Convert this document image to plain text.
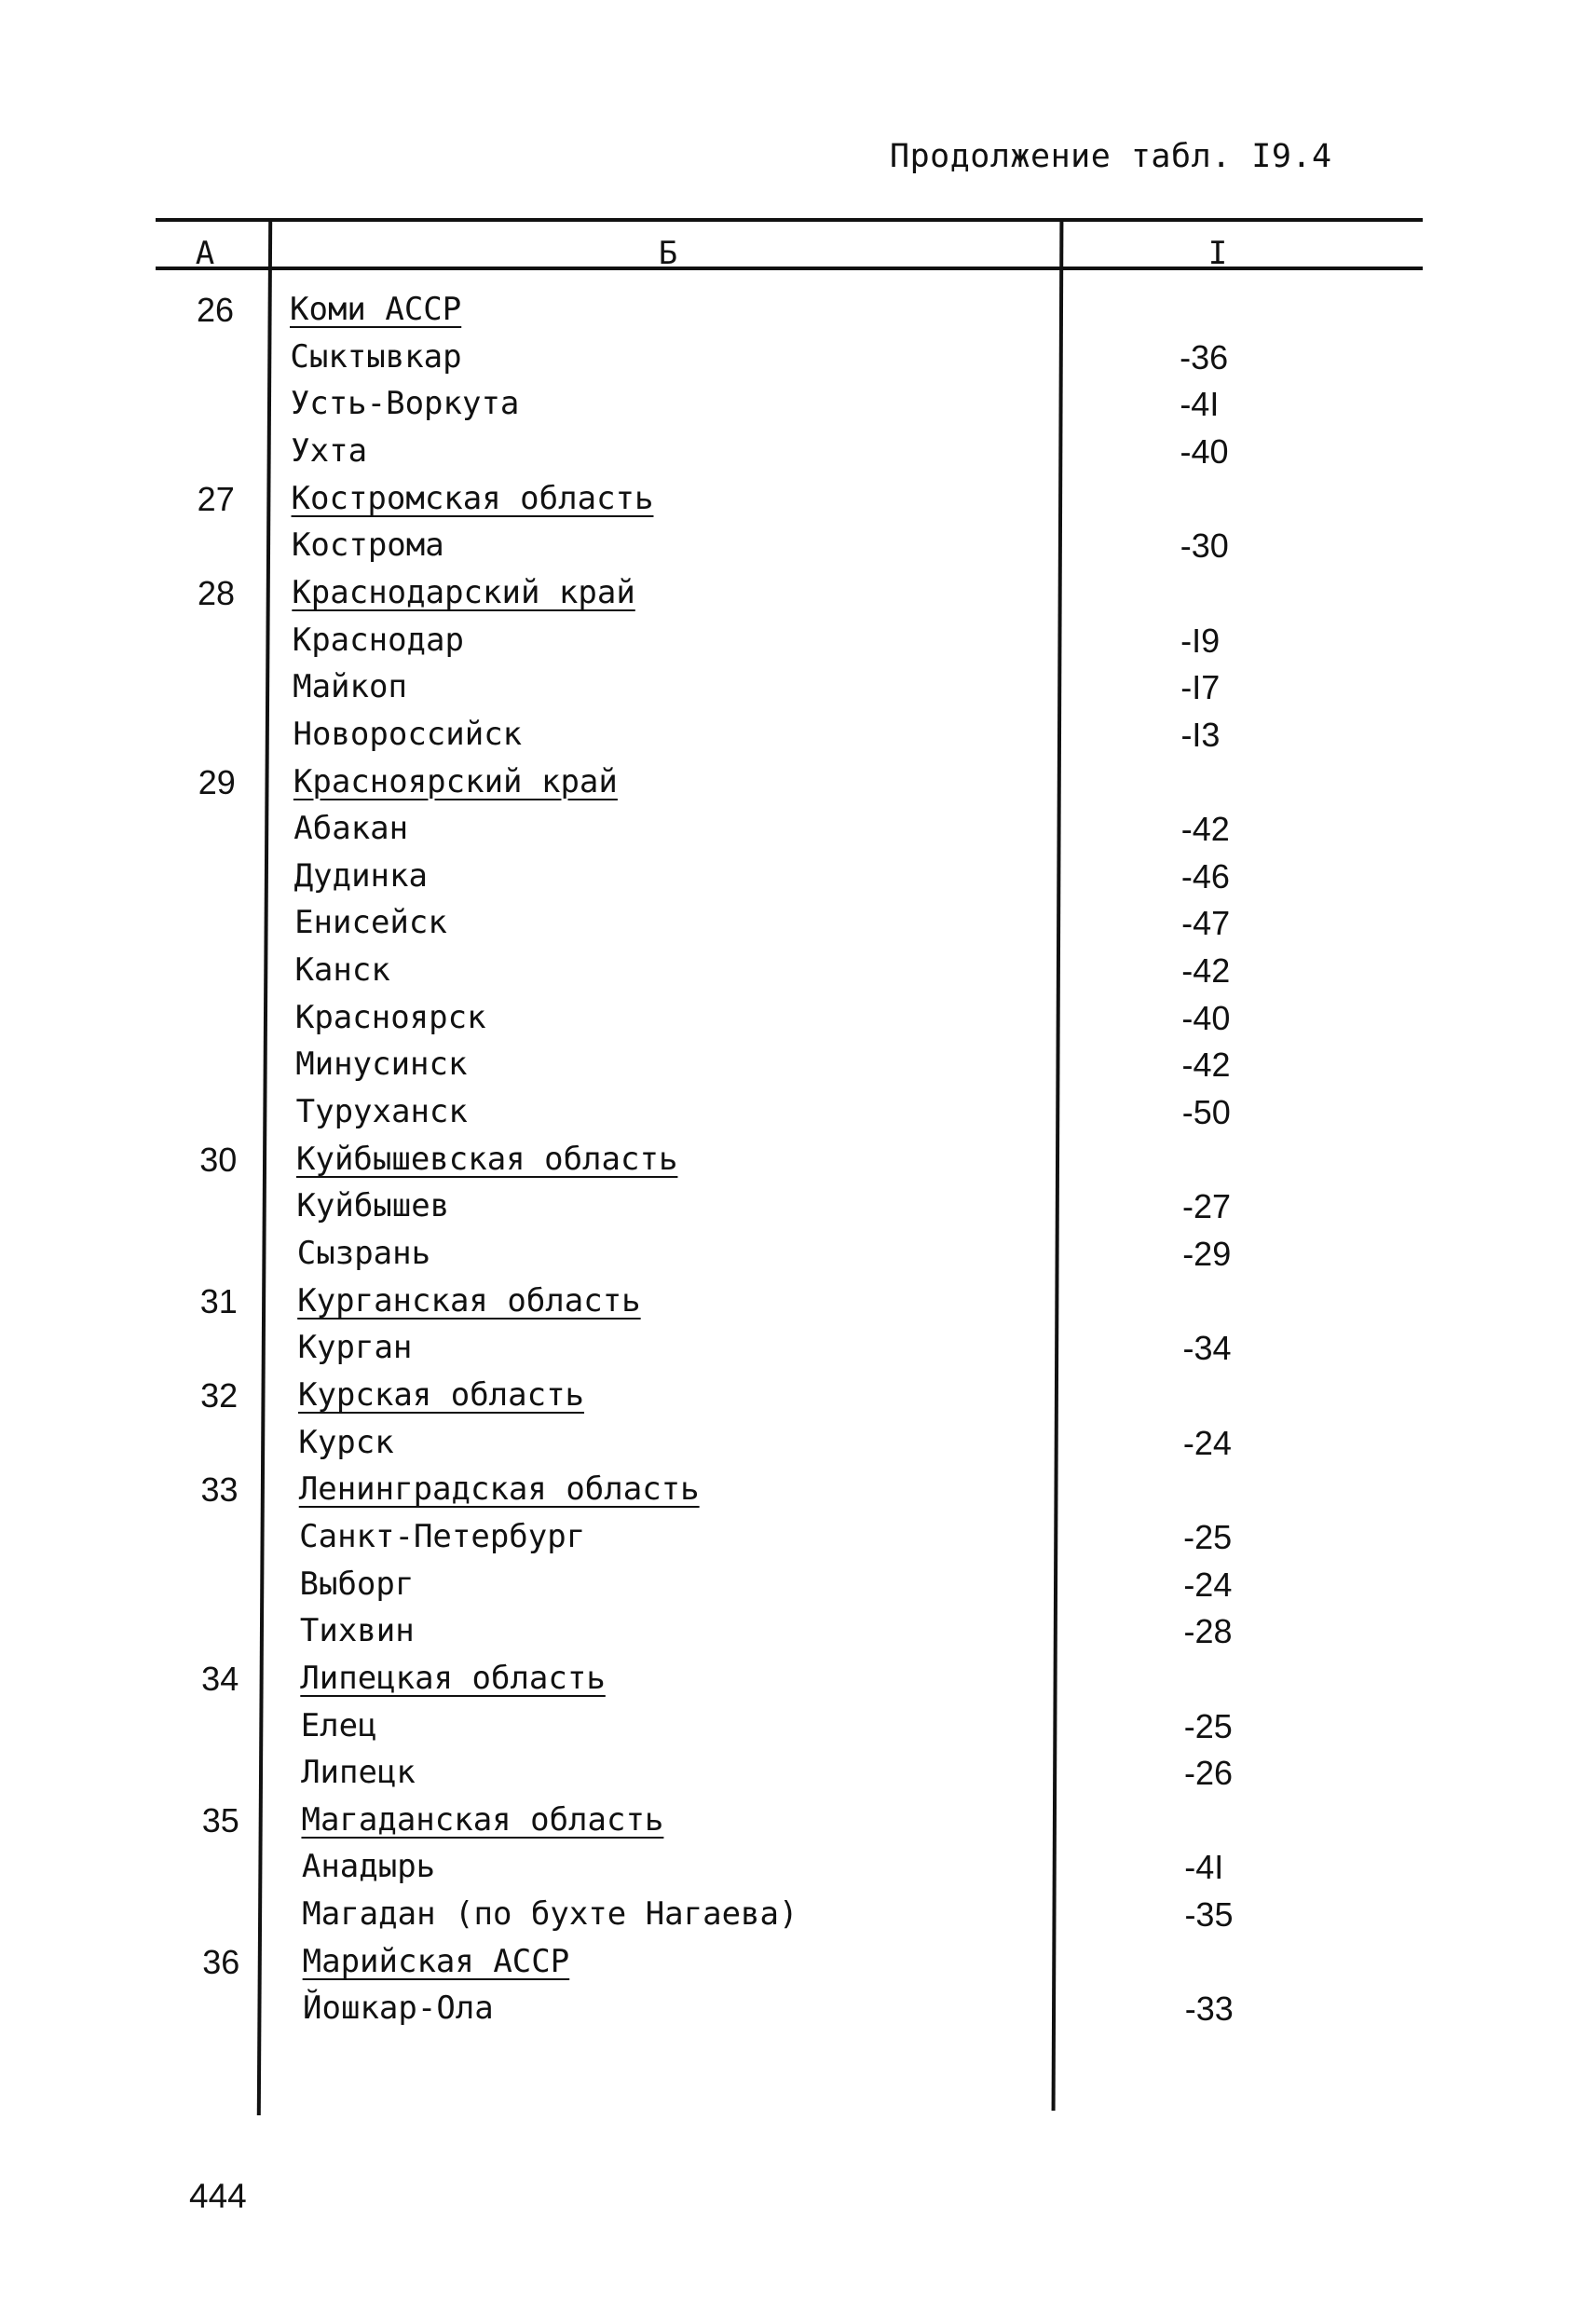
Продолжение табл. I9.4
А	Б	I
26 Коми АССР
Сыктывкар	-36
Усть-Воркута	-4I
Ухта	-40
27 Костромская область
Кострома	-30
28 Краснодарский край
Краснодар	-I9
Майкоп	-I7
Новороссийск	-I3
29 Красноярский край
Абакан	-42
Дудинка	-46
Енисейск	-47
Канск	-42
Красноярск	-40
Минусинск	-42
Туруханск	-50
30 Куйбышевская область
Куйбышев	-27
Сызрань	-29
31 Курганская область
Курган	-34
32 Курская область
Курск	-24
33 Ленинградская область
Санкт-Петербург	-25
Выборг	-24
Тихвин	-28
34 Липецкая область
Елец	-25
Липецк	-26
35 Магаданская область
Анадырь	-4I
Магадан (по бухте Нагаева)	-35
36 Марийская АССР
Йошкар-Ола	-33
444
